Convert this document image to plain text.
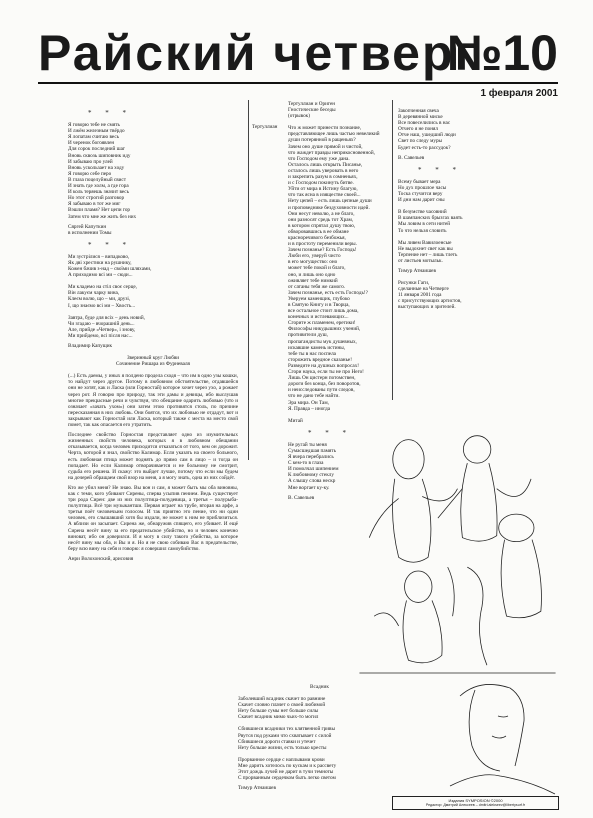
Райский четверг
№10
1 февраля 2001
* * *
Я говорю тебе не смять
И лжём железным твёрдо
Я лопатам считаю весь
И черенок богоявлен
Для сорок последний шаг
Вновь сквозь шиповник иду
И забываю про улей
Вновь ускользает на ходу
Я говорю себе перо
В глаза поцелуйный свист
И знать где холм, а где гора
И коль теряешь значит весь
Но этот строгий разговор
Я забываю в тот же миг
Вэшли пламя? Нет цепи гор
Затем что мне же жить без них
Сяргей Капуткин
в исполнении Томы
* * *
Ми зустрілися – випадково,
Як дві хрестики на рушнику,
Кожен бачив з-над – своїми шляхами,
А приходимо всі ми – сюди...
Ми кладемо на стіл своє серце,
Він лакуєм чарку вина,
Клеєм волю, що – ми, друзі,
І, що знаємо всі ми – Хвость...
Завтра, буде для всіх – день новий,
Чи згадаю – вчорашній день...
Але, прийде «Четвер», і знову,
Ми прийдемо, всі після нас...
Владимир Капущик
Зверинный круг Любви
Сочинение Ришара из Фурневаля
(...) Есть даемы, у иных я полдено продела сходя – что им в одно узы кошки, то найдут через другое. Потому в любовном обстоятельстве, отдавшейся они не хотят, как и Ласка (или Горностай) которое хочет через ухо, а рожает через рот. Я говорю про природу, так эти дамы и девицы, ибо выслушав многие прекрасные речи и чувствуя, что обещание одарить любовью (что и означает «зачать ухом») они затем этою противятся столь, по причине пересказанная в них любовь. Они боятся, что их любовью не отдадут, вот и закрывают как Горностай или Ласка, который также с места на место свой помет, так как опасается его утратить.
Последнее свойство Горностая представляет одно из изумительных жизненных свойств человека, которых я в любовном обещании отказывается, когда человек приходится отказаться от того, кем он дорожит. Черта, которой я знал, свойство Калимар. Если указать на своего больного, есть любовная птица может поднять до прямо сам в лицо – и тогда он попадает. Но если Калимар отворачивается и не больному не смотрит, судьба его решена. И скажу: это выйдет лучше, потому что если мы будем на дочерей обращаем свой взор на меня, а я могу знать, одна из них сойдёт.
Кто же убил меня? Не знаю. Вы вон и сам, я может быть мы оба виновны, как с теми, кого убивают Сирены, сперва усыпив пением. Ведь существует три рода Сирен: две из них полуптица-полудевица, а третья – полурыба-полуптица. Всё три музыкантши. Первая играет на трубе, вторая на арфе, а третья поёт человечьим голосом. И так приятно это пение, что ни один человек, его слышавший хотя бы издали, не может к ним не приблизиться. А вблизи он засыпает. Сирена же, обнаружив спящего, его убивает. И ещё Сирена несёт вину за его предательское убийство, но и человек конечно виноват, ибо он доверился. И я могу в силу такого убийства, за которое несёт вину мы оба, и Вы и я. Но я не свою собиваю Вас в предательстве, беру всю вину на себя и говорю: я совершил самоубийство.
Анри Волохонский, арисовия
Тертуллиан
Тертуллиан и Ориген
Гностические беседы
(отрывок)
Что ж может принести познание,
представляющее лишь частью невеликий
души потерянной в ращеньях?
Зачем оно душе прямой и чистой,
что жаждет правды неприкосновенной,
что Господом ему уже дана.
Осталось лишь открыть Писанье,
осталось лишь уверовать в него
и закрепить разум в сомненьях,
и с Господом покинуть битве.
Уйти от мира в Истину благую,
что так ясна в изяществе своей...
Нету цепей – есть лишь цепные души
и проповеднике бездуховности идей.
Они несут неволю, а не благо,
они разносят средь тот Храм,
в котором спрятал душу твою,
обворовавшись в ее обмане
красноречивого безбожья,
и в простоту переменили веры.
Зачем познанье? Есть Господь!
Люби его, уверуй чисто
в его могущество: оно
может тебе покой и благо,
оно, и лишь оно одно
оживляет тебе нимкий
от сатаны тебя же самого.
Зачем познанье, есть есть Господь!?
Уверуем каменщик, глубоко
в Святую Книгу и в Творца,
все остальное стоит лишь дома,
конечных и истлевающих...
Сгорите ж пламенем, еретики!
Философы никудышних учений,
противители душ,
пропагандисты мук душевных,
искавшие камень истины,
тебе ты в нас поспела
сторожить вредное сказанье!
Разведите на душных вопросах!
Сгори наука, если ты не про Него!
Лишь Он цистерн потомствен,
дороги без конца, без поворотов,
и неисследованы пути следов,
что не дано тебе найти.
Эра мира. Он Там,
Я. Правда – иногда
Митай
* * *
Не ругай ты меня
Сумасшедшая память
Я вчера перебрались
С кем-то в глаза
И помолчал шипением
К любовному стеклу
А слышу слова нескр
Мне воргает ку-ку.
В. Савельев
Закопченная свеча
В деревянной миске
Все повеселились в нас
Отчего я не понял
Отче наш, ушедший люди
Свет по следу муры
Будет есть-то рассудок?
В. Савельев
* * *
Всему бывает мера
Но дух прошлое часы
Тоска стучится веру
И дни нам дарит сны
В безумстве часовний
В шампанских брызгах ваять
Мы ловим в сети нитей
То что нельзя словить
Мы ливем Вавилоенсые
Не выдохнет свет как вы
Терпение нет – лишь тлеть
от листьев мотыльк.
Тимур Атнаишев
Рисунки Гаги,
сделанные на Четверге
11 января 2001 года
с присутствующих артистов,
выступающих и зрителей.
Всадник
Заболевший всадник скачет по равнине
Скачет словно плачет о своей любимой
Нету больше сумы нет больше силы
Скачет всадник мимо чьих-то могил
Сбившиеся всадники тех клятвенной гривы
Рвутся под руками что схватывает с силой
Сбившиеся дороги ставки и утечет
Нету больше жизни, есть только кресты
Прорванное сердце с наплывами крови
Мне дарить хотелось по кускам и к рассвету
Этот дождь лучей не дарит в тучи темноты
С прорванным сердечком быть легко светом
Тимур Атнаишев
Издания SYMPOSION ©2000
Редактор: Дмитрий Алексеев – dmitri.alekseev@libertysurf.fr
